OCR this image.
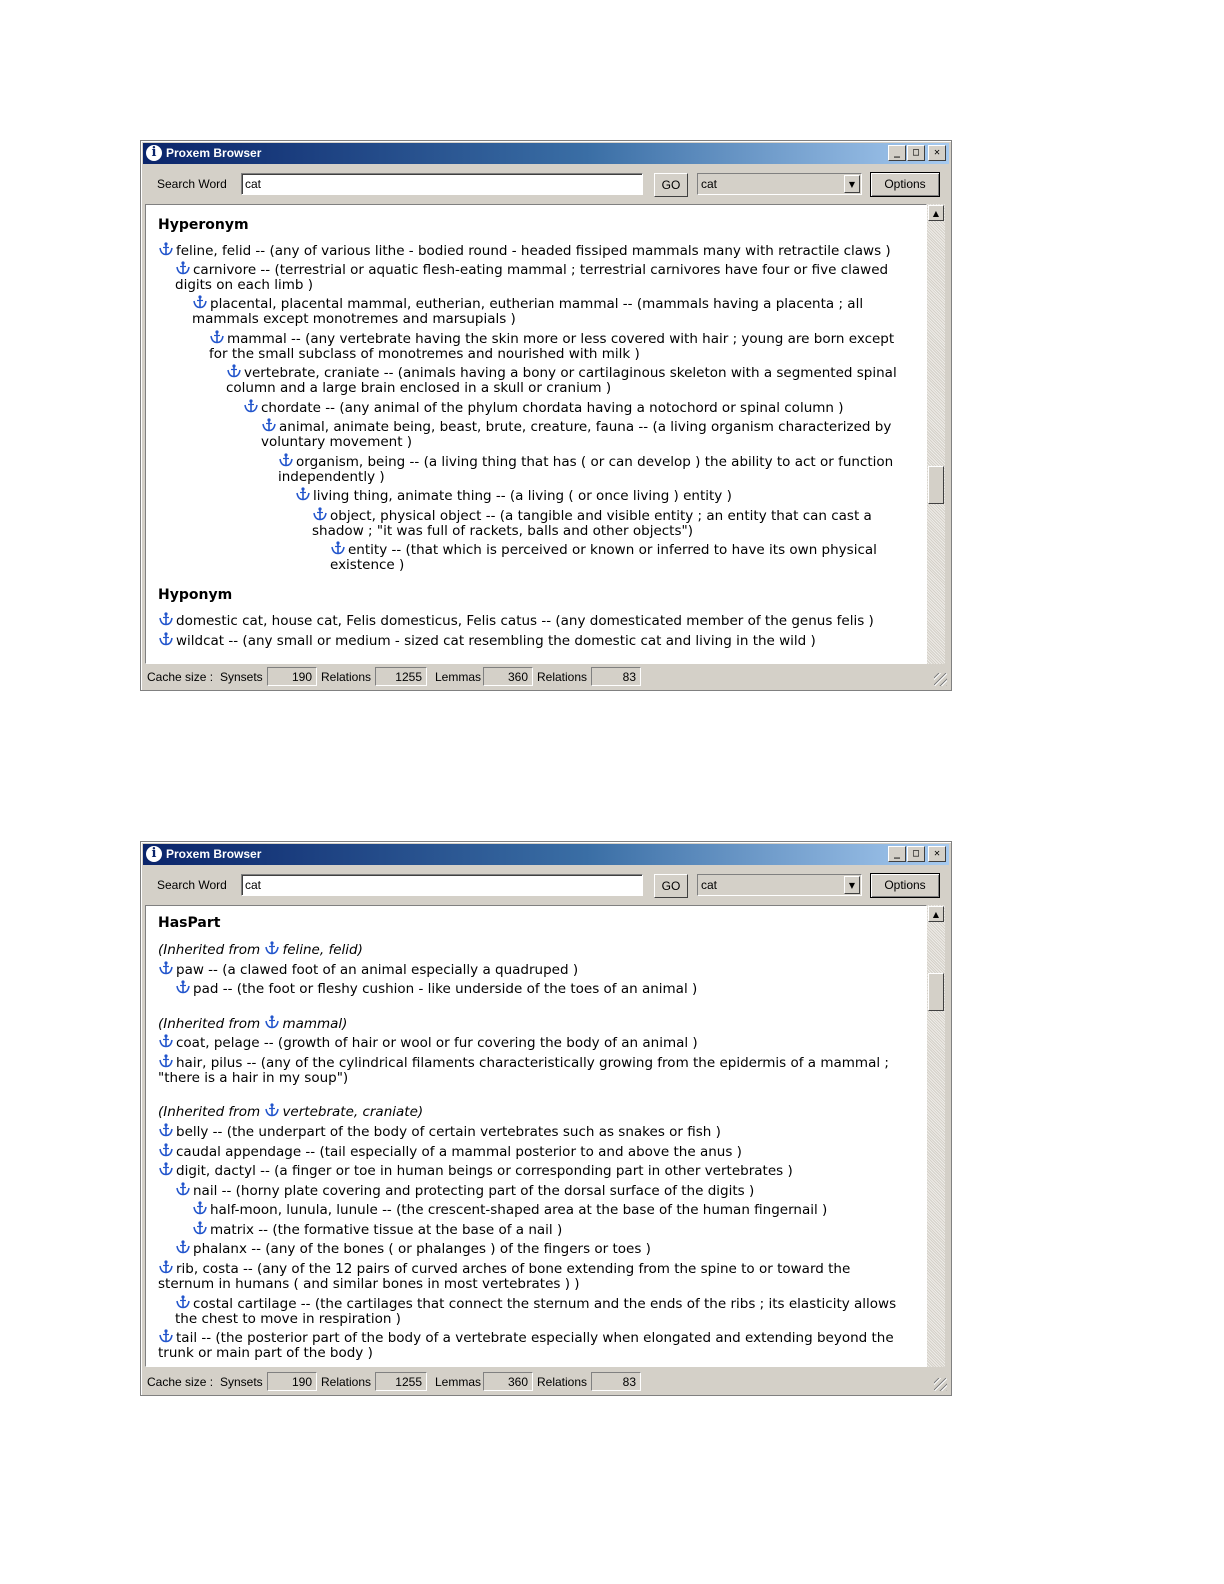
i Proxem Browser	_	□	✕
Search Word	cat	GO	cat	▼	Options
Hyperonym
feline, felid -- (any of various lithe - bodied round - headed fissiped mammals many with retractile claws )
carnivore -- (terrestrial or aquatic flesh-eating mammal ; terrestrial carnivores have four or five clawed
digits on each limb )
placental, placental mammal, eutherian, eutherian mammal -- (mammals having a placenta ; all
mammals except monotremes and marsupials )
mammal -- (any vertebrate having the skin more or less covered with hair ; young are born except
for the small subclass of monotremes and nourished with milk )
vertebrate, craniate -- (animals having a bony or cartilaginous skeleton with a segmented spinal
column and a large brain enclosed in a skull or cranium )
chordate -- (any animal of the phylum chordata having a notochord or spinal column )
animal, animate being, beast, brute, creature, fauna -- (a living organism characterized by
voluntary movement )
organism, being -- (a living thing that has ( or can develop ) the ability to act or function
independently )
living thing, animate thing -- (a living ( or once living ) entity )
object, physical object -- (a tangible and visible entity ; an entity that can cast a
shadow ; "it was full of rackets, balls and other objects")
entity -- (that which is perceived or known or inferred to have its own physical
existence )
Hyponym
domestic cat, house cat, Felis domesticus, Felis catus -- (any domesticated member of the genus felis )
wildcat -- (any small or medium - sized cat resembling the domestic cat and living in the wild )
▲
Cache size : Synsets	190 Relations	1255	Lemmas	360 Relations	83
i Proxem Browser	_	□	✕
Search Word	cat	GO	cat	▼	Options
HasPart
(Inherited from feline, felid)
paw -- (a clawed foot of an animal especially a quadruped )
pad -- (the foot or fleshy cushion - like underside of the toes of an animal )
(Inherited from mammal)
coat, pelage -- (growth of hair or wool or fur covering the body of an animal )
hair, pilus -- (any of the cylindrical filaments characteristically growing from the epidermis of a mammal ;
"there is a hair in my soup")
(Inherited from vertebrate, craniate)
belly -- (the underpart of the body of certain vertebrates such as snakes or fish )
caudal appendage -- (tail especially of a mammal posterior to and above the anus )
digit, dactyl -- (a finger or toe in human beings or corresponding part in other vertebrates )
nail -- (horny plate covering and protecting part of the dorsal surface of the digits )
half-moon, lunula, lunule -- (the crescent-shaped area at the base of the human fingernail )
matrix -- (the formative tissue at the base of a nail )
phalanx -- (any of the bones ( or phalanges ) of the fingers or toes )
rib, costa -- (any of the 12 pairs of curved arches of bone extending from the spine to or toward the
sternum in humans ( and similar bones in most vertebrates ) )
costal cartilage -- (the cartilages that connect the sternum and the ends of the ribs ; its elasticity allows
the chest to move in respiration )
tail -- (the posterior part of the body of a vertebrate especially when elongated and extending beyond the
trunk or main part of the body )
▲
Cache size : Synsets	190 Relations	1255	Lemmas	360 Relations	83
